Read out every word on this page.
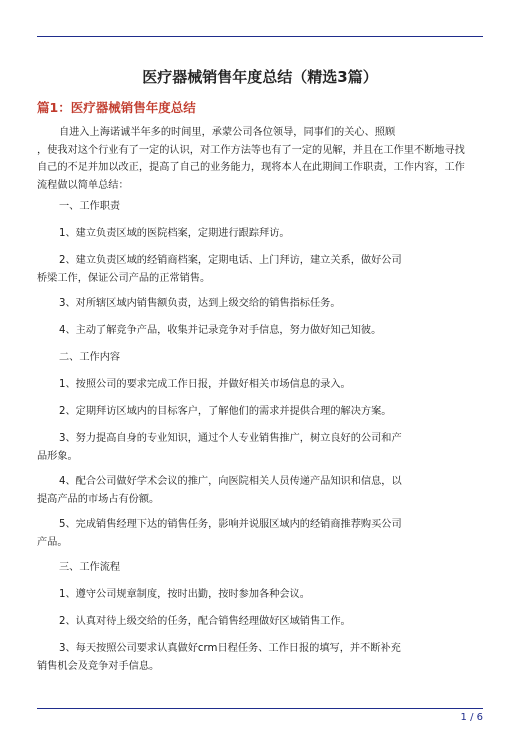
医疗器械销售年度总结（精选3篇）
篇1：医疗器械销售年度总结
自进入上海诺诚半年多的时间里，承蒙公司各位领导，同事们的关心、照顾
，使我对这个行业有了一定的认识，对工作方法等也有了一定的见解，并且在工作里不断地寻找
自己的不足并加以改正，提高了自己的业务能力，现将本人在此期间工作职责，工作内容，工作
流程做以简单总结：
一、工作职责
1、建立负责区域的医院档案，定期进行跟踪拜访。
2、建立负责区域的经销商档案，定期电话、上门拜访，建立关系，做好公司
桥梁工作，保证公司产品的正常销售。
3、对所辖区域内销售额负责，达到上级交给的销售指标任务。
4、主动了解竞争产品，收集并记录竞争对手信息，努力做好知己知彼。
二、工作内容
1、按照公司的要求完成工作日报，并做好相关市场信息的录入。
2、定期拜访区域内的目标客户，了解他们的需求并提供合理的解决方案。
3、努力提高自身的专业知识，通过个人专业销售推广，树立良好的公司和产
品形象。
4、配合公司做好学术会议的推广，向医院相关人员传递产品知识和信息，以
提高产品的市场占有份额。
5、完成销售经理下达的销售任务，影响并说服区域内的经销商推荐购买公司
产品。
三、工作流程
1、遵守公司规章制度，按时出勤，按时参加各种会议。
2、认真对待上级交给的任务，配合销售经理做好区域销售工作。
3、每天按照公司要求认真做好crm日程任务、工作日报的填写，并不断补充
销售机会及竞争对手信息。
1 / 6
